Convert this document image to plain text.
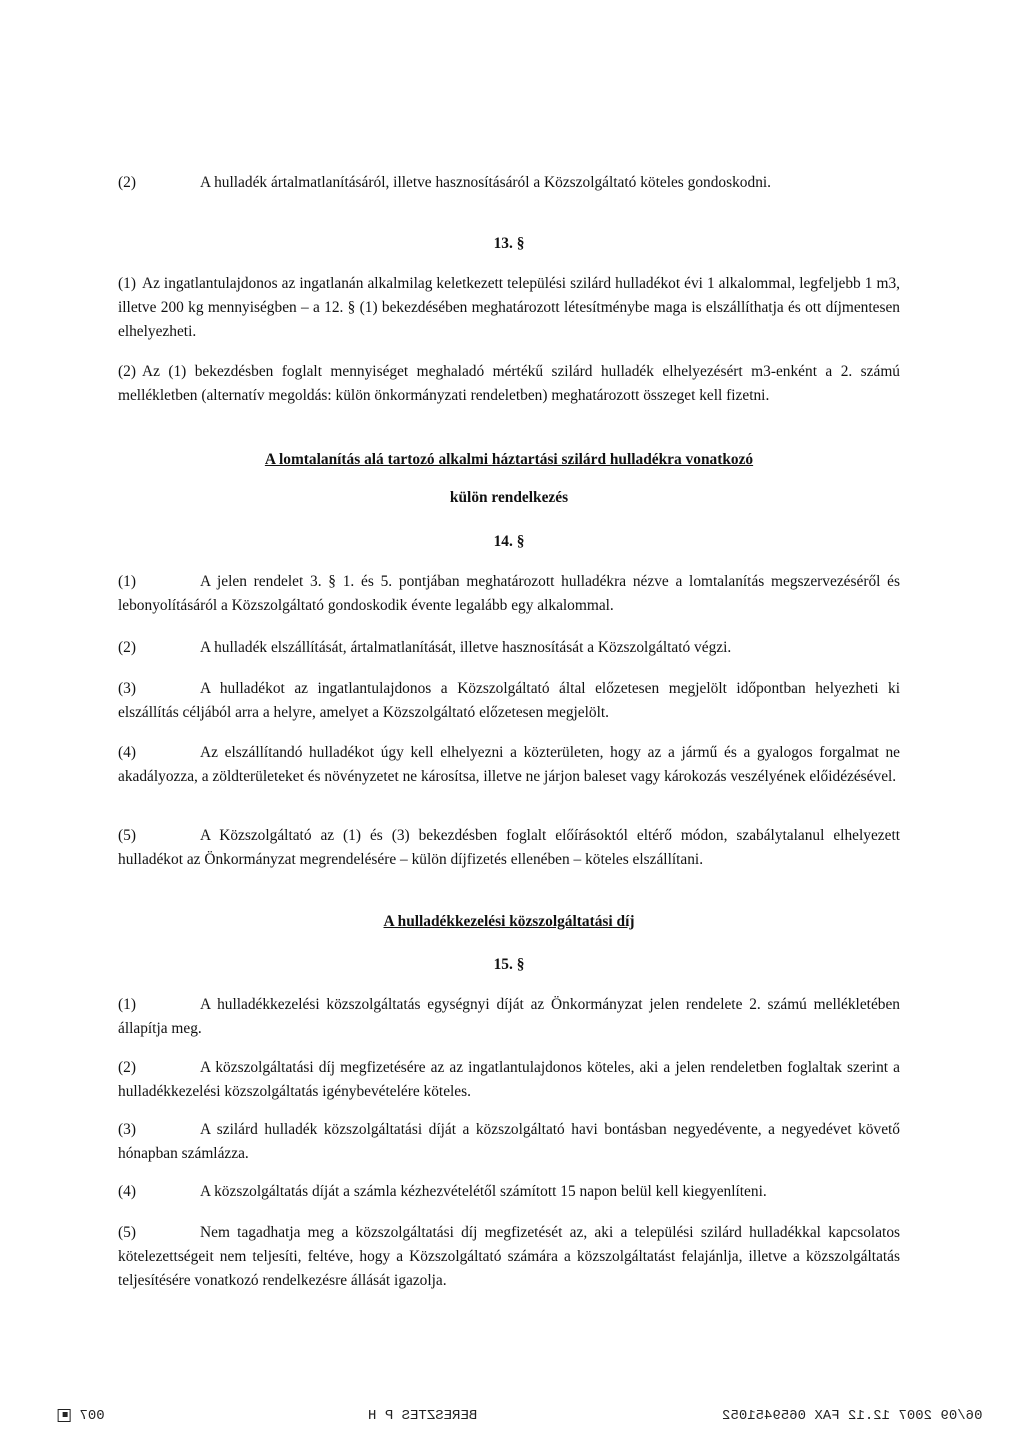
(2)	A hulladék ártalmatlanításáról, illetve hasznosításáról a Közszolgáltató köteles gondoskodni.

13. §

(1) Az ingatlantulajdonos az ingatlanán alkalmilag keletkezett települési szilárd hulladékot évi 1 alkalommal, legfeljebb 1 m3, illetve 200 kg mennyiségben – a 12. § (1) bekezdésében meghatározott létesítménybe maga is elszállíthatja és ott díjmentesen elhelyezheti.

(2) Az (1) bekezdésben foglalt mennyiséget meghaladó mértékű szilárd hulladék elhelyezésért m3-enként a 2. számú mellékletben (alternatív megoldás: külön önkormányzati rendeletben) meghatározott összeget kell fizetni.

A lomtalanítás alá tartozó alkalmi háztartási szilárd hulladékra vonatkozó

külön rendelkezés

14. §

(1)	A jelen rendelet 3. § 1. és 5. pontjában meghatározott hulladékra nézve a lomtalanítás megszervezéséről és lebonyolításáról a Közszolgáltató gondoskodik évente legalább egy alkalommal.

(2)	A hulladék elszállítását, ártalmatlanítását, illetve hasznosítását a Közszolgáltató végzi.

(3)	A hulladékot az ingatlantulajdonos a Közszolgáltató által előzetesen megjelölt időpontban helyezheti ki elszállítás céljából arra a helyre, amelyet a Közszolgáltató előzetesen megjelölt.

(4)	Az elszállítandó hulladékot úgy kell elhelyezni a közterületen, hogy az a jármű és a gyalogos forgalmat ne akadályozza, a zöldterületeket és növényzetet ne károsítsa, illetve ne járjon baleset vagy károkozás veszélyének előidézésével.

(5)	A Közszolgáltató az (1) és (3) bekezdésben foglalt előírásoktól eltérő módon, szabálytalanul elhelyezett hulladékot az Önkormányzat megrendelésére – külön díjfizetés ellenében – köteles elszállítani.

A hulladékkezelési közszolgáltatási díj

15. §

(1)	A hulladékkezelési közszolgáltatás egységnyi díját az Önkormányzat jelen rendelete 2. számú mellékletében állapítja meg.

(2)	A közszolgáltatási díj megfizetésére az az ingatlantulajdonos köteles, aki a jelen rendeletben foglaltak szerint a hulladékkezelési közszolgáltatás igénybevételére köteles.

(3)	A szilárd hulladék közszolgáltatási díját a közszolgáltató havi bontásban negyedévente, a negyedévet követő hónapban számlázza.

(4)	A közszolgáltatás díját a számla kézhezvételétől számított 15 napon belül kell kiegyenlíteni.

(5)	Nem tagadhatja meg a közszolgáltatási díj megfizetését az, aki a települési szilárd hulladékkal kapcsolatos kötelezettségeit nem teljesíti, feltéve, hogy a Közszolgáltató számára a közszolgáltatást felajánlja, illetve a közszolgáltatás teljesítésére vonatkozó rendelkezésre állását igazolja.

007	BERESZTES P H	06/09 2007 12.12 FAX 0659451052
